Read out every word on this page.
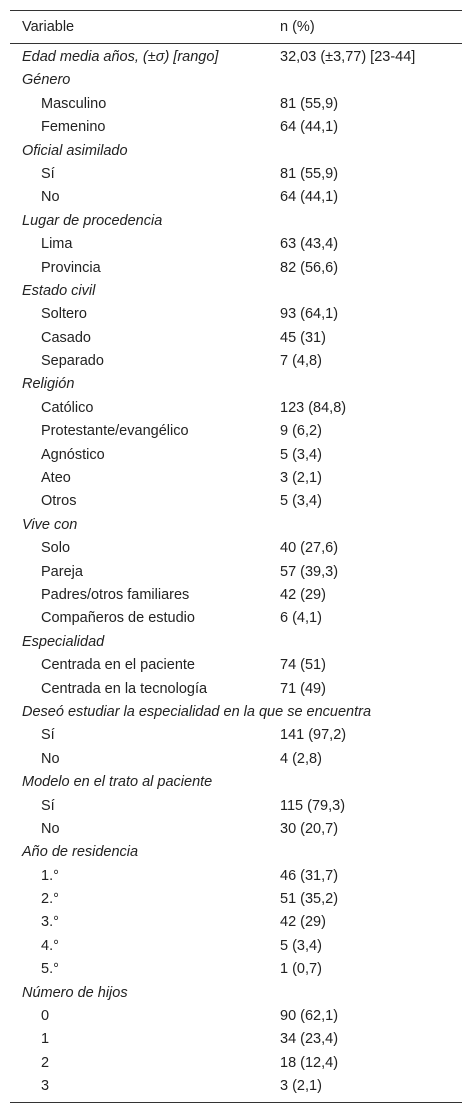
Variable	n (%)
Edad media años, (±σ) [rango]	32,03 (±3,77) [23-44]
Género
Masculino	81 (55,9)
Femenino	64 (44,1)
Oficial asimilado
Sí	81 (55,9)
No	64 (44,1)
Lugar de procedencia
Lima	63 (43,4)
Provincia	82 (56,6)
Estado civil
Soltero	93 (64,1)
Casado	45 (31)
Separado	7 (4,8)
Religión
Católico	123 (84,8)
Protestante/evangélico	9 (6,2)
Agnóstico	5 (3,4)
Ateo	3 (2,1)
Otros	5 (3,4)
Vive con
Solo	40 (27,6)
Pareja	57 (39,3)
Padres/otros familiares	42 (29)
Compañeros de estudio	6 (4,1)
Especialidad
Centrada en el paciente	74 (51)
Centrada en la tecnología	71 (49)
Deseó estudiar la especialidad en la que se encuentra
Sí	141 (97,2)
No	4 (2,8)
Modelo en el trato al paciente
Sí	115 (79,3)
No	30 (20,7)
Año de residencia
1.°	46 (31,7)
2.°	51 (35,2)
3.°	42 (29)
4.°	5 (3,4)
5.°	1 (0,7)
Número de hijos
0	90 (62,1)
1	34 (23,4)
2	18 (12,4)
3	3 (2,1)
